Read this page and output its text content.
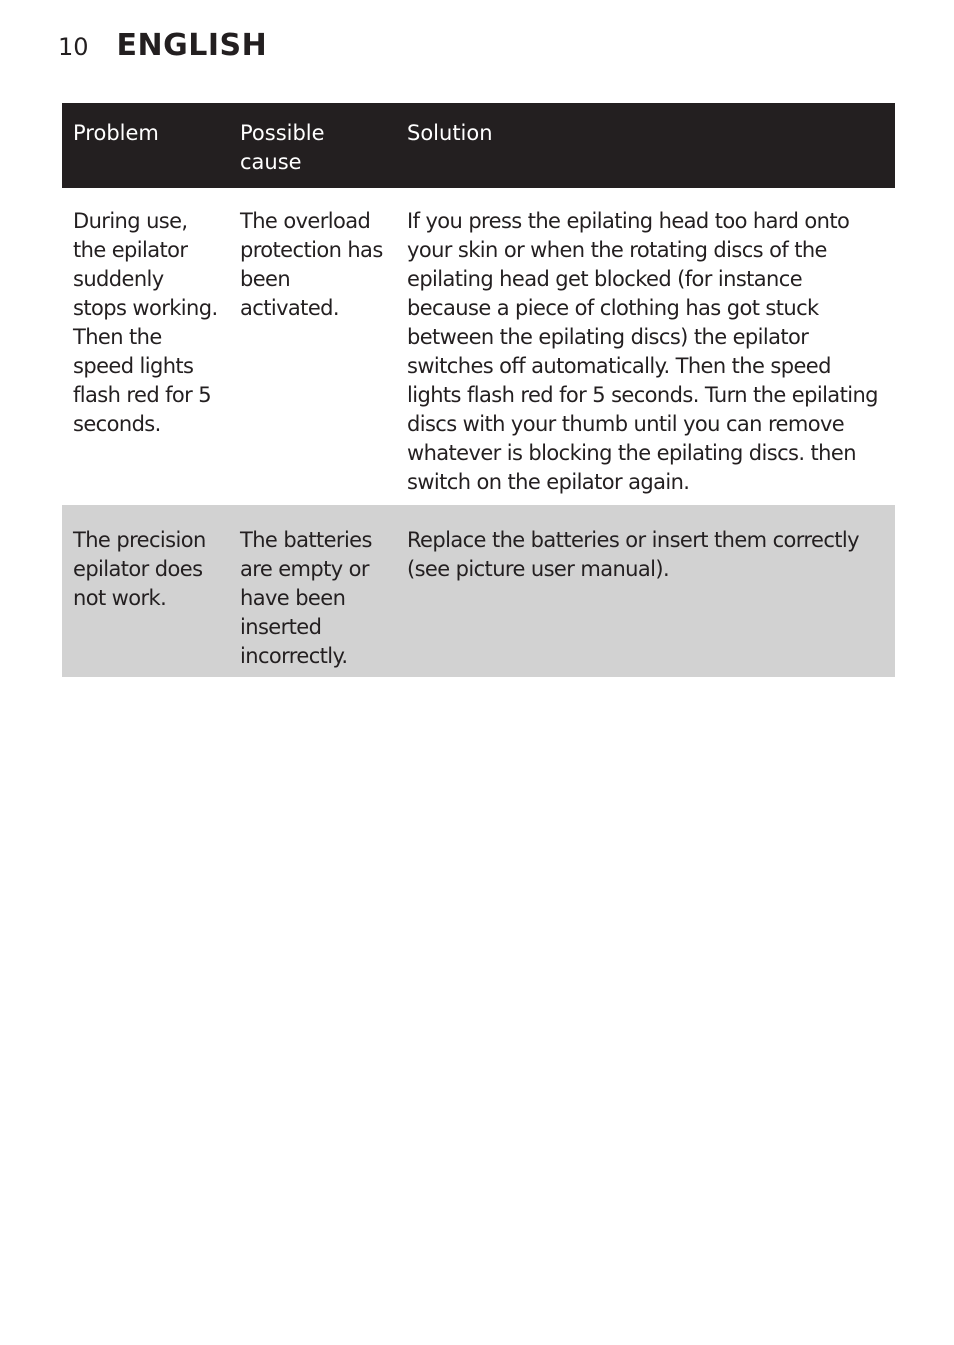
10 ENGLISH
Problem	Possible cause	Solution
During use, the epilator suddenly stops working. Then the speed lights flash red for 5 seconds.	The overload protection has been activated.	If you press the epilating head too hard onto your skin or when the rotating discs of the epilating head get blocked (for instance because a piece of clothing has got stuck between the epilating discs) the epilator switches off automatically. Then the speed lights flash red for 5 seconds. Turn the epilating discs with your thumb until you can remove whatever is blocking the epilating discs. then switch on the epilator again.
The precision epilator does not work.	The batteries are empty or have been inserted incorrectly.	Replace the batteries or insert them correctly (see picture user manual).
